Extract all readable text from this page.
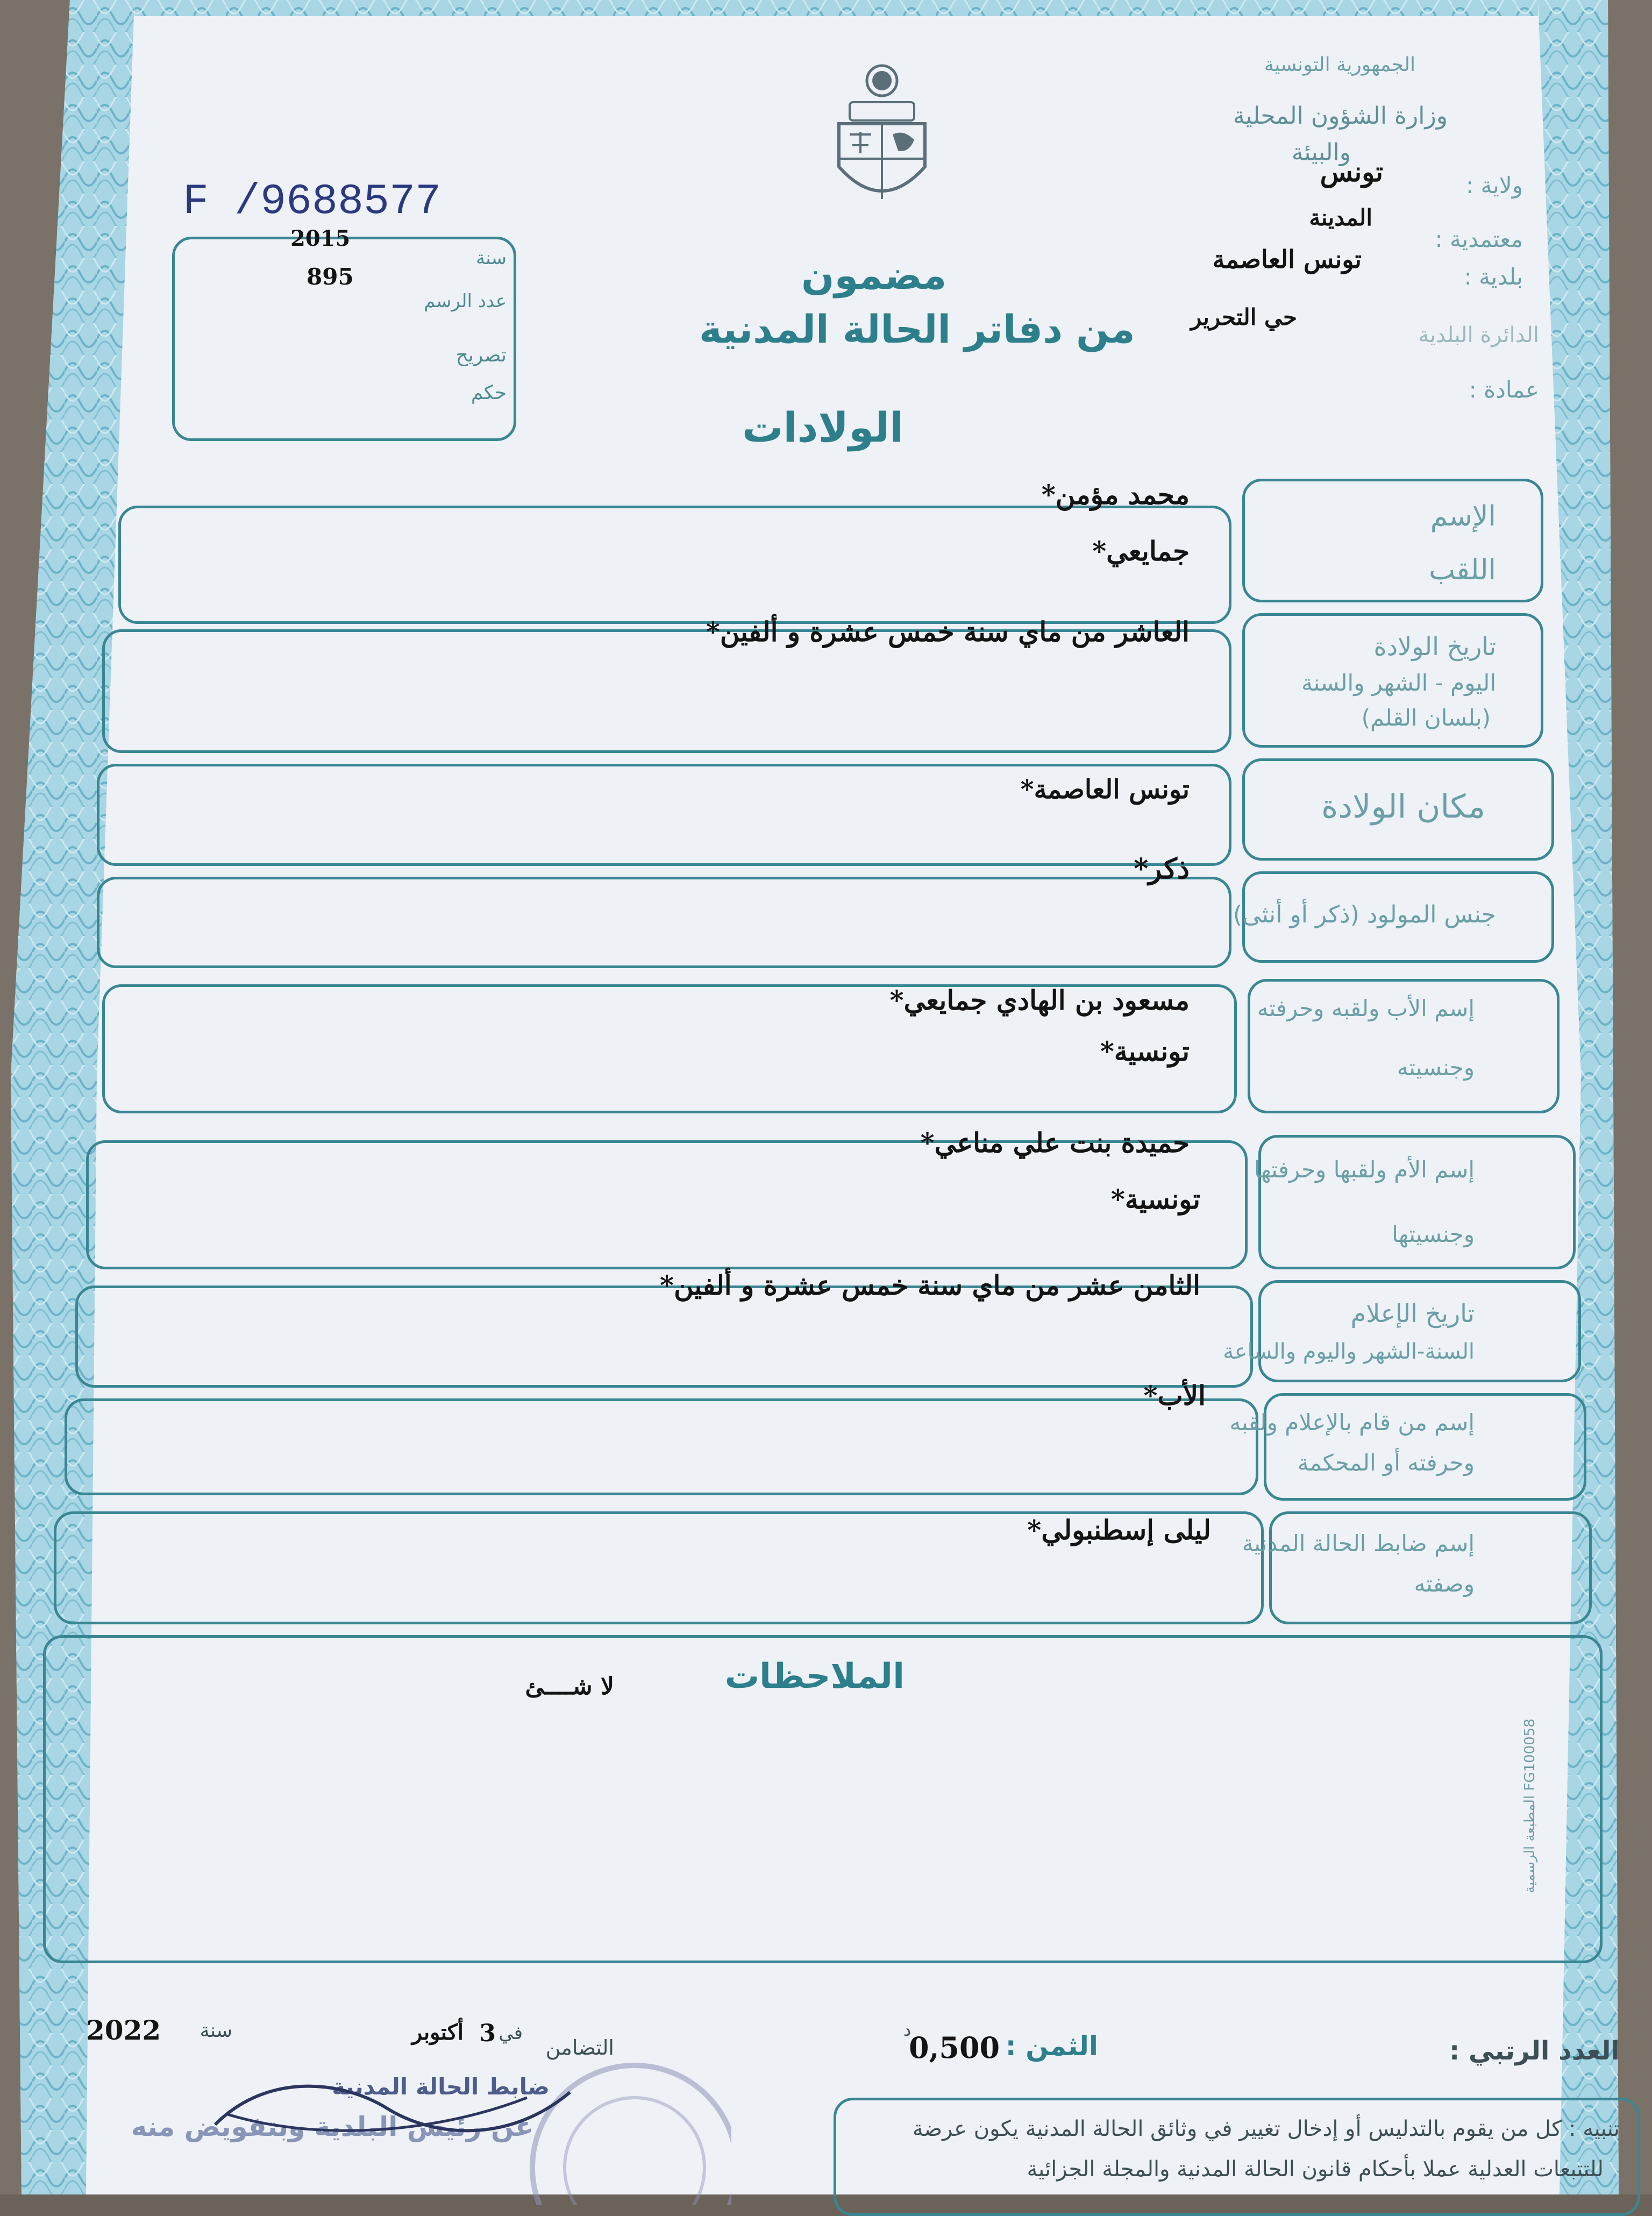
الجمهورية التونسية
وزارة الشؤون المحلية
والبيئة
ولاية :
تونس
معتمدية :
المدينة
بلدية :
تونس العاصمة
الدائرة البلدية
حي التحرير
عمادة :
F /9688577
مضمون
من دفاتر الحالة المدنية
الولادات
سنة
2015
عدد الرسم
895
تصريح
حكم
الإسم
اللقب
محمد مؤمن*
جمايعي*
تاريخ الولادة
اليوم - الشهر والسنة
(بلسان القلم)
العاشر من ماي سنة خمس عشرة و ألفين*
مكان الولادة
تونس العاصمة*
جنس المولود (ذكر أو أنثى)
ذكر*
إسم الأب ولقبه وحرفته
وجنسيته
مسعود بن الهادي جمايعي*
تونسية*
إسم الأم ولقبها وحرفتها
وجنسيتها
حميدة بنت علي مناعي*
تونسية*
تاريخ الإعلام
السنة-الشهر واليوم والساعة
الثامن عشر من ماي سنة خمس عشرة و ألفين*
إسم من قام بالإعلام ولقبه
وحرفته أو المحكمة
الأب*
إسم ضابط الحالة المدنية
وصفته
ليلى إسطنبولي*
الملاحظات
لا شــــئ
المطبعة الرسمية FG100058
العدد الرتبي :
الثمن :
0,500
د
التضامن
في
3
أكتوبر
سنة
2022
ضابط الحالة المدنية
عن رئيس البلدية وبتفويض منه	تنبيه : كل من يقوم بالتدليس أو إدخال تغيير في وثائق الحالة المدنية يكون عرضة
للتتبعات العدلية عملا بأحكام قانون الحالة المدنية والمجلة الجزائية
